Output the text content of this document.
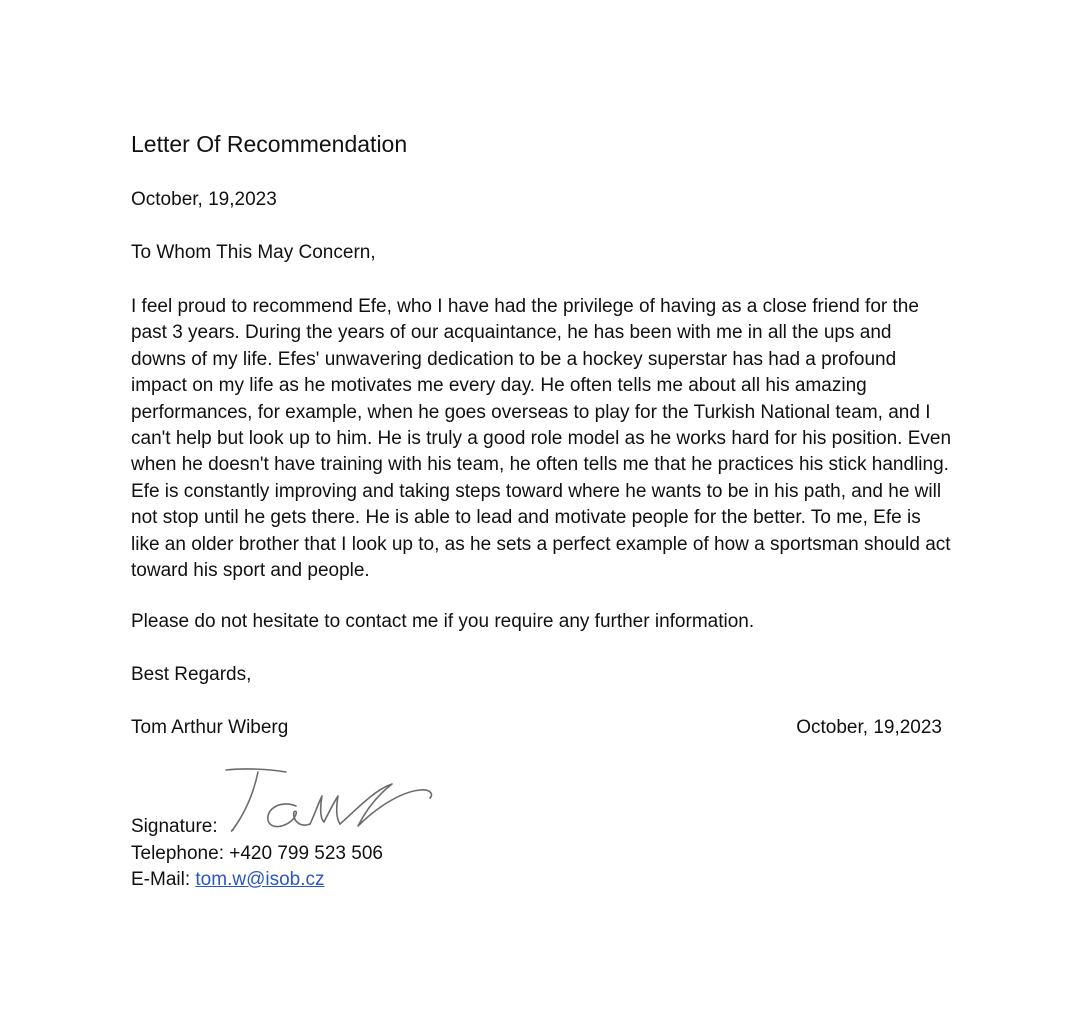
Letter Of Recommendation
October, 19,2023
To Whom This May Concern,

I feel proud to recommend Efe, who I have had the privilege of having as a close friend for the past 3 years. During the years of our acquaintance, he has been with me in all the ups and downs of my life. Efes' unwavering dedication to be a hockey superstar has had a profound impact on my life as he motivates me every day. He often tells me about all his amazing performances, for example, when he goes overseas to play for the Turkish National team, and I can't help but look up to him. He is truly a good role model as he works hard for his position. Even when he doesn't have training with his team, he often tells me that he practices his stick handling. Efe is constantly improving and taking steps toward where he wants to be in his path, and he will not stop until he gets there. He is able to lead and motivate people for the better. To me, Efe is like an older brother that I look up to, as he sets a perfect example of how a sportsman should act toward his sport and people.

Please do not hesitate to contact me if you require any further information.
Best Regards,
Tom Arthur Wiberg	October, 19,2023
Signature:
Telephone: +420 799 523 506
E-Mail: tom.w@isob.cz
